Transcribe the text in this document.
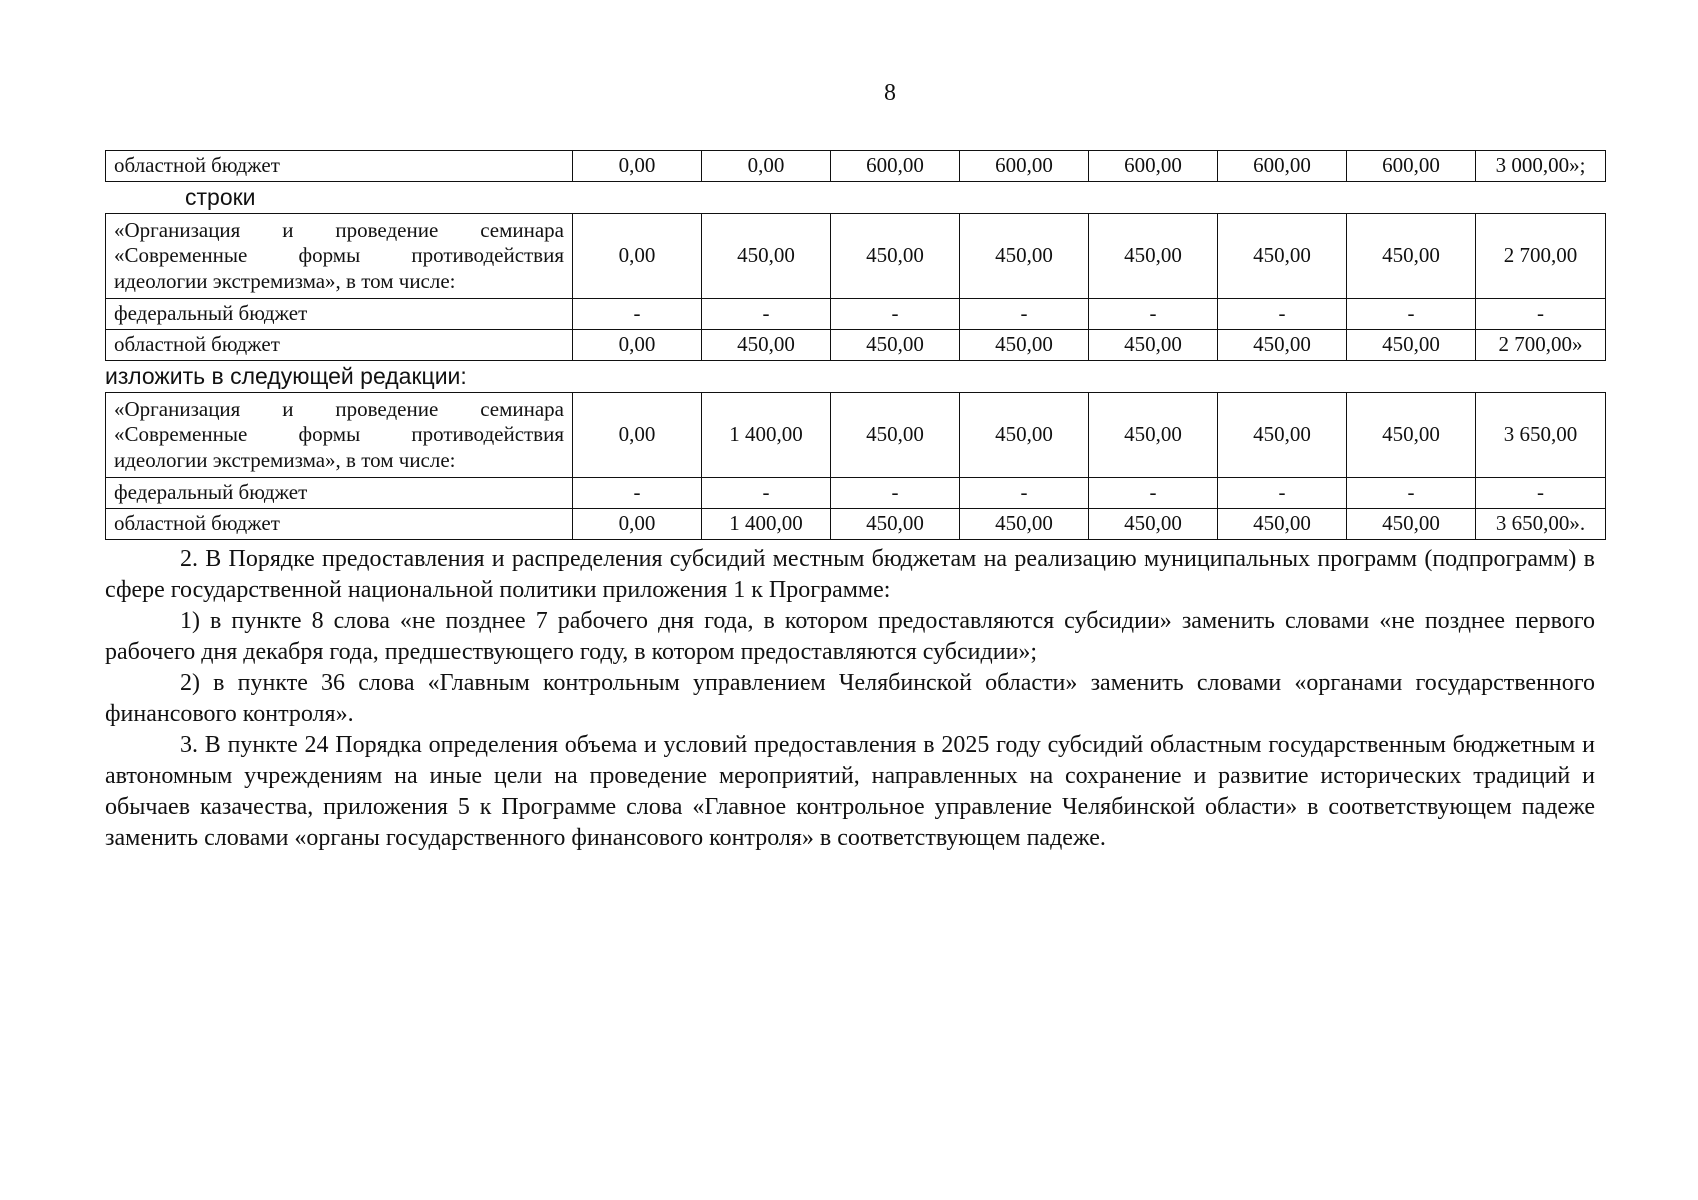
8
областной бюджет	0,00	0,00	600,00	600,00	600,00	600,00	600,00	3 000,00»;
строки
«Организация и проведение семинара «Современные формы противодействия идеологии экстремизма», в том числе:	0,00	450,00	450,00	450,00	450,00	450,00	450,00	2 700,00
федеральный бюджет	-	-	-	-	-	-	-	-
областной бюджет	0,00	450,00	450,00	450,00	450,00	450,00	450,00	2 700,00»
изложить в следующей редакции:
«Организация и проведение семинара «Современные формы противодействия идеологии экстремизма», в том числе:	0,00	1 400,00	450,00	450,00	450,00	450,00	450,00	3 650,00
федеральный бюджет	-	-	-	-	-	-	-	-
областной бюджет	0,00	1 400,00	450,00	450,00	450,00	450,00	450,00	3 650,00».

2. В Порядке предоставления и распределения субсидий местным бюджетам на реализацию муниципальных программ (подпрограмм) в сфере государственной национальной политики приложения 1 к Программе:

1) в пункте 8 слова «не позднее 7 рабочего дня года, в котором предоставляются субсидии» заменить словами «не позднее первого рабочего дня декабря года, предшествующего году, в котором предоставляются субсидии»;

2) в пункте 36 слова «Главным контрольным управлением Челябинской области» заменить словами «органами государственного финансового контроля».

3. В пункте 24 Порядка определения объема и условий предоставления в 2025 году субсидий областным государственным бюджетным и автономным учреждениям на иные цели на проведение мероприятий, направленных на сохранение и развитие исторических традиций и обычаев казачества, приложения 5 к Программе слова «Главное контрольное управление Челябинской области» в соответствующем падеже заменить словами «органы государственного финансового контроля» в соответствующем падеже.
